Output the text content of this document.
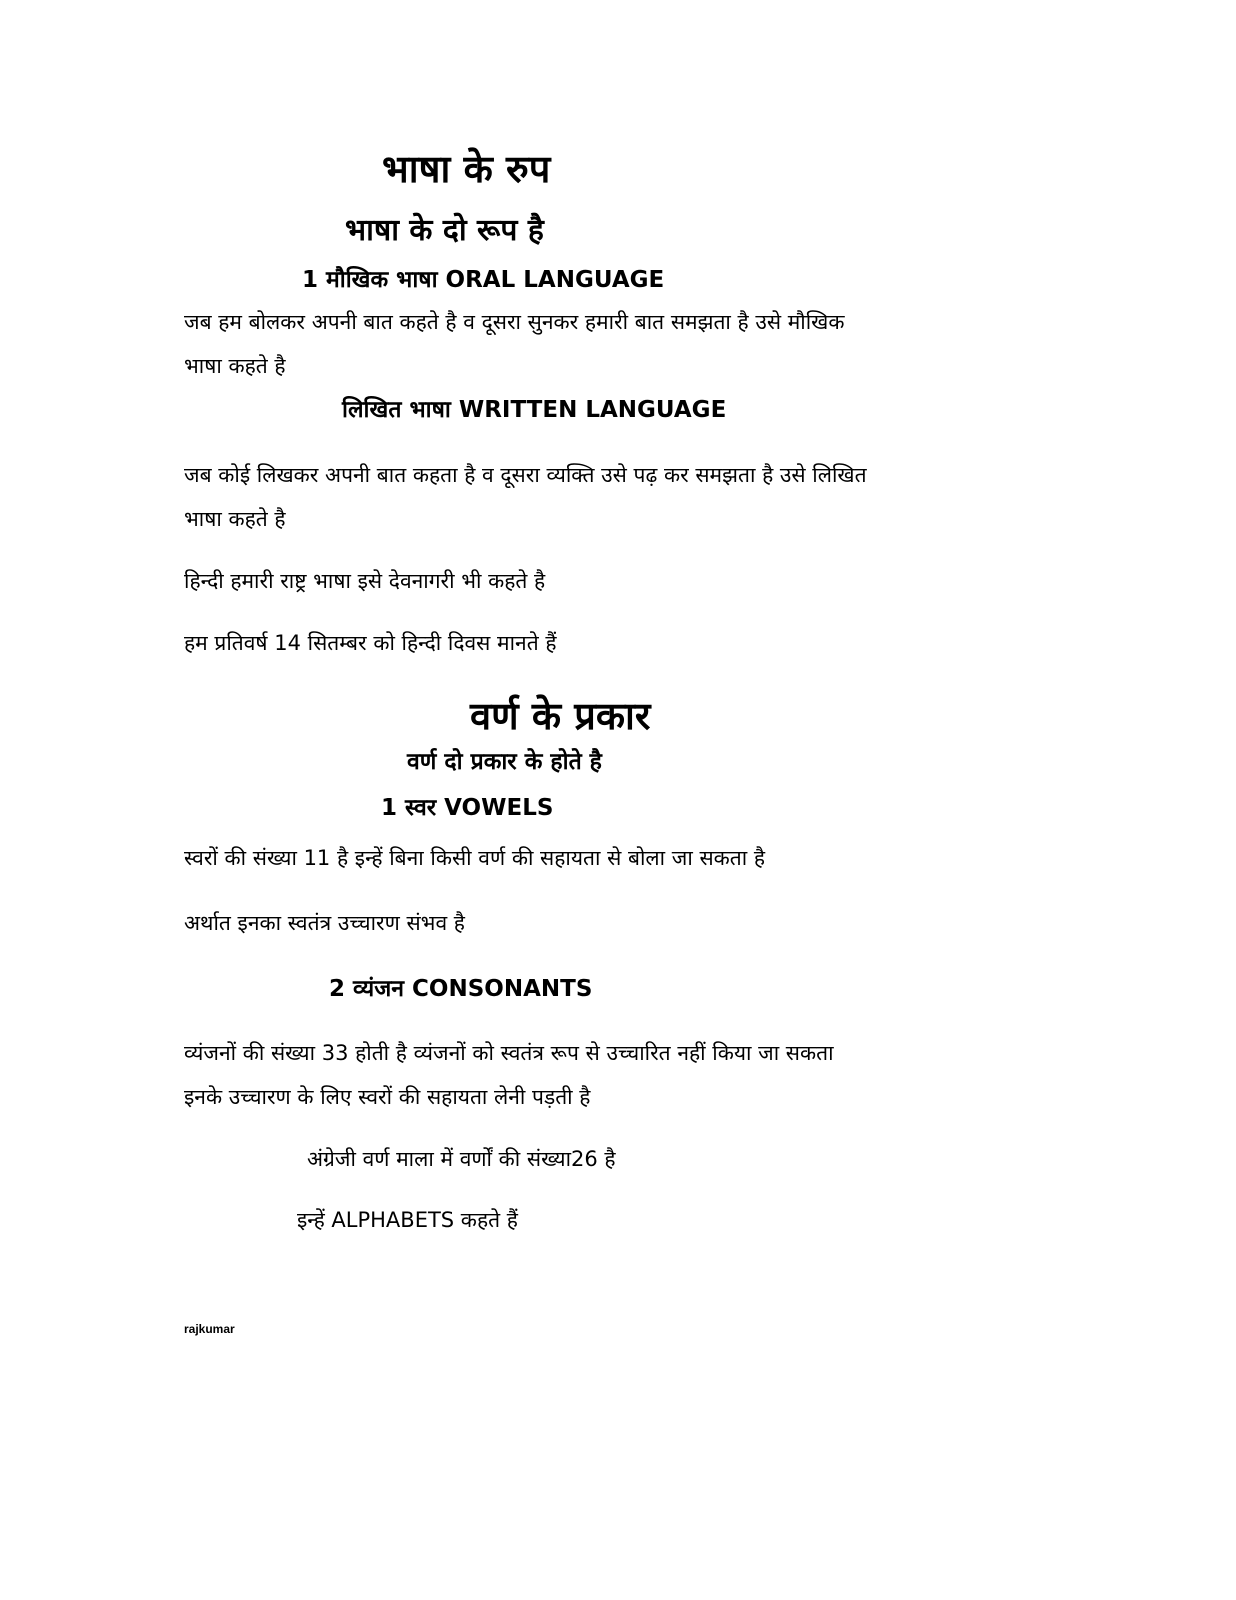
भाषा के रुप
भाषा के दो रूप है
1 मौखिक भाषा ORAL LANGUAGE
जब हम बोलकर अपनी बात कहते है व दूसरा सुनकर हमारी बात समझता है उसे मौखिक
भाषा कहते है
लिखित भाषा WRITTEN LANGUAGE
जब कोई लिखकर अपनी बात कहता है व दूसरा व्यक्ति उसे पढ़ कर समझता है उसे लिखित
भाषा कहते है
हिन्दी हमारी राष्ट्र भाषा इसे देवनागरी भी कहते है
हम प्रतिवर्ष 14 सितम्बर को हिन्दी दिवस मानते हैं
वर्ण के प्रकार
वर्ण दो प्रकार के होते है
1 स्वर VOWELS
स्वरों की संख्या 11 है इन्हें बिना किसी वर्ण की सहायता से बोला जा सकता है
अर्थात इनका स्वतंत्र उच्चारण संभव है
2 व्यंजन CONSONANTS
व्यंजनों की संख्या 33 होती है व्यंजनों को स्वतंत्र रूप से उच्चारित नहीं किया जा सकता
इनके उच्चारण के लिए स्वरों की सहायता लेनी पड़ती है
अंग्रेजी वर्ण माला में वर्णों की संख्या26 है
इन्हें ALPHABETS कहते हैं
rajkumar
